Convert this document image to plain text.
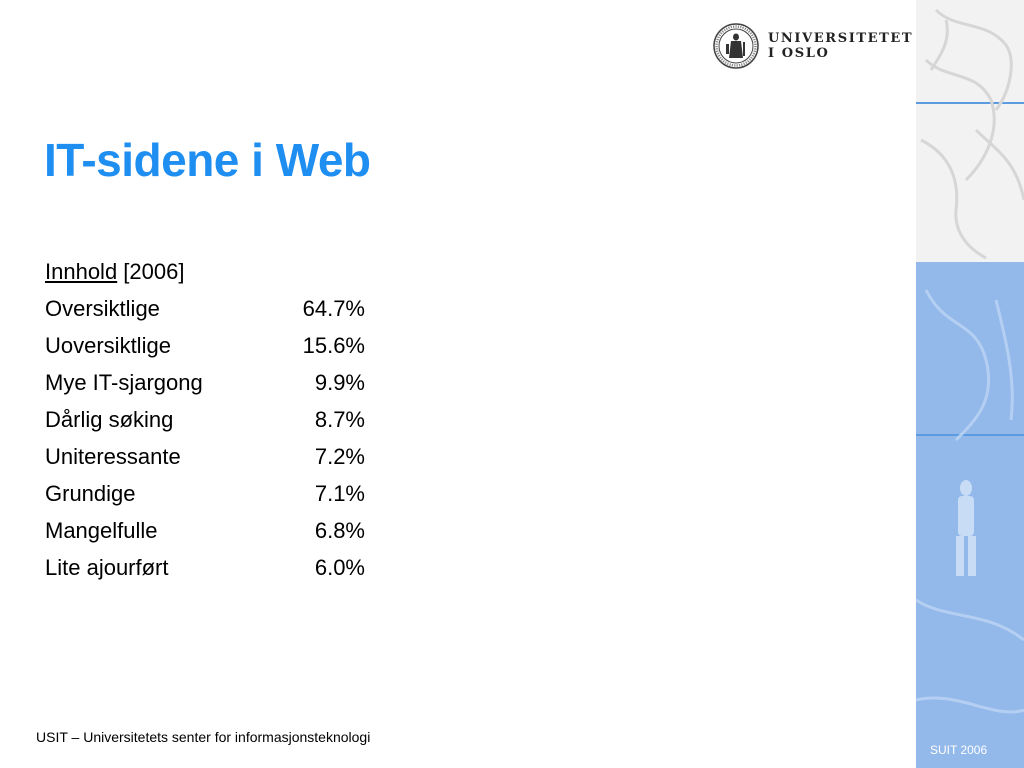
UNIVERSITETET
I OSLO
IT-sidene i Web
Innhold [2006]
Oversiktlige	64.7%
Uoversiktlige	15.6%
Mye IT-sjargong	9.9%
Dårlig søking	8.7%
Uniteressante	7.2%
Grundige	7.1%
Mangelfulle	6.8%
Lite ajourført	6.0%
USIT – Universitetets senter for informasjonsteknologi
SUIT 2006
